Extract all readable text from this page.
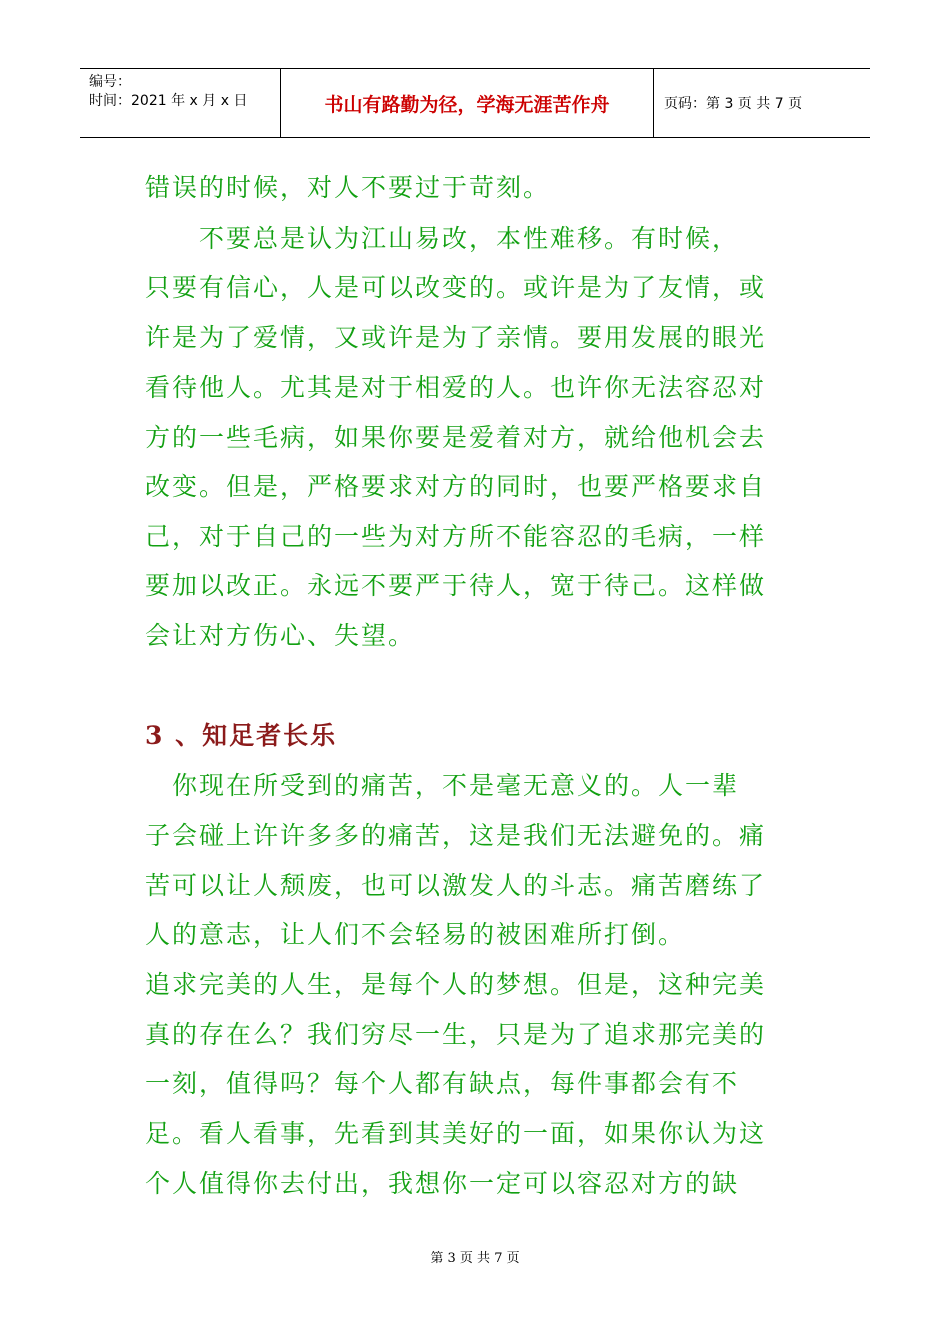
编号：
时间：2021 年 x 月 x 日	书山有路勤为径，学海无涯苦作舟	页码：第 3 页 共 7 页
错误的时候，对人不要过于苛刻。
　　不要总是认为江山易改，本性难移。有时候，
只要有信心，人是可以改变的。或许是为了友情，或
许是为了爱情，又或许是为了亲情。要用发展的眼光
看待他人。尤其是对于相爱的人。也许你无法容忍对
方的一些毛病，如果你要是爱着对方，就给他机会去
改变。但是，严格要求对方的同时，也要严格要求自
己，对于自己的一些为对方所不能容忍的毛病，一样
要加以改正。永远不要严于待人，宽于待己。这样做
会让对方伤心、失望。
3 、知足者长乐
　你现在所受到的痛苦，不是毫无意义的。人一辈
子会碰上许许多多的痛苦，这是我们无法避免的。痛
苦可以让人颓废，也可以激发人的斗志。痛苦磨练了
人的意志，让人们不会轻易的被困难所打倒。
追求完美的人生，是每个人的梦想。但是，这种完美
真的存在么？我们穷尽一生，只是为了追求那完美的
一刻，值得吗？每个人都有缺点，每件事都会有不
足。看人看事，先看到其美好的一面，如果你认为这
个人值得你去付出，我想你一定可以容忍对方的缺
第 3 页 共 7 页
